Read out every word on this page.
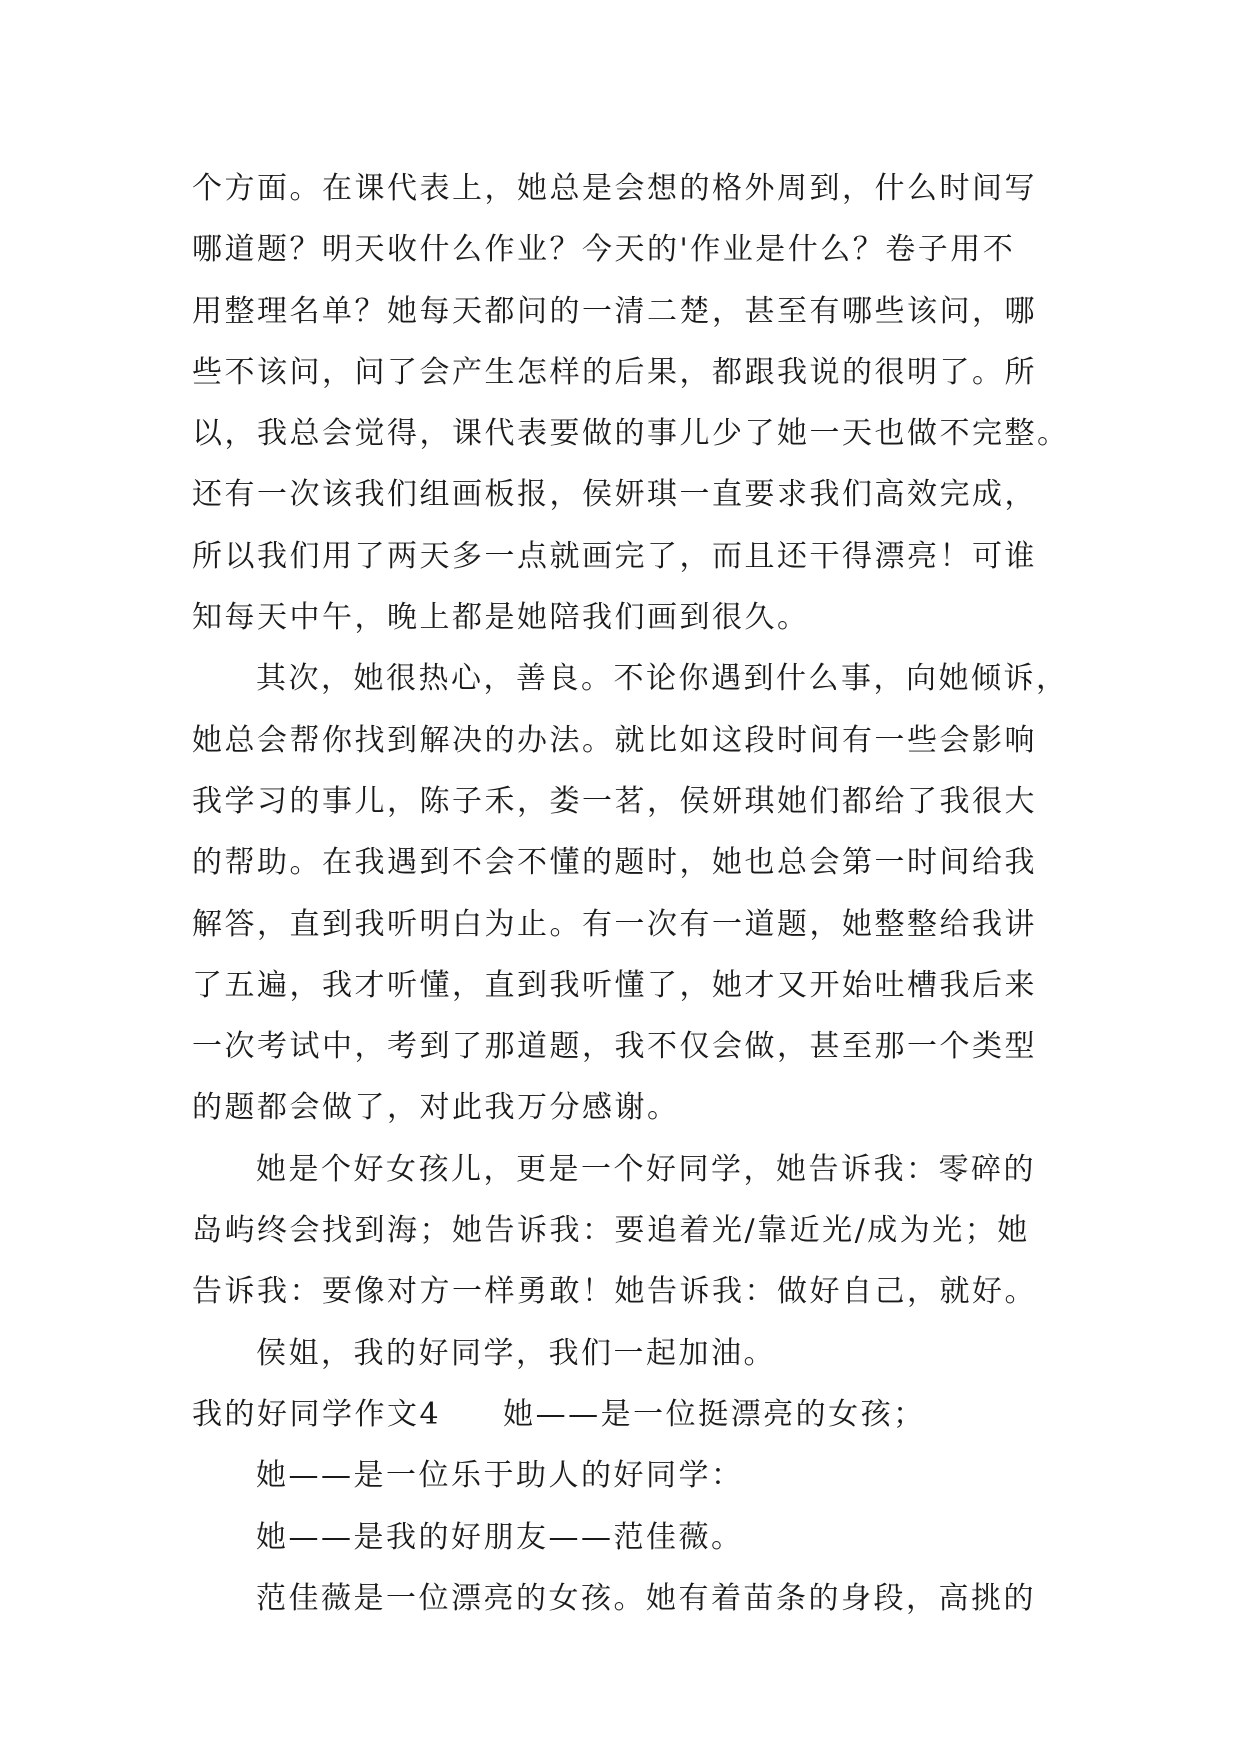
个方面。在课代表上，她总是会想的格外周到，什么时间写
哪道题？明天收什么作业？今天的'作业是什么？卷子用不
用整理名单？她每天都问的一清二楚，甚至有哪些该问，哪
些不该问，问了会产生怎样的后果，都跟我说的很明了。所
以，我总会觉得，课代表要做的事儿少了她一天也做不完整。
还有一次该我们组画板报，侯妍琪一直要求我们高效完成，
所以我们用了两天多一点就画完了，而且还干得漂亮！可谁
知每天中午，晚上都是她陪我们画到很久。
其次，她很热心，善良。不论你遇到什么事，向她倾诉，
她总会帮你找到解决的办法。就比如这段时间有一些会影响
我学习的事儿，陈子禾，娄一茗，侯妍琪她们都给了我很大
的帮助。在我遇到不会不懂的题时，她也总会第一时间给我
解答，直到我听明白为止。有一次有一道题，她整整给我讲
了五遍，我才听懂，直到我听懂了，她才又开始吐槽我后来
一次考试中，考到了那道题，我不仅会做，甚至那一个类型
的题都会做了，对此我万分感谢。
她是个好女孩儿，更是一个好同学，她告诉我：零碎的
岛屿终会找到海；她告诉我：要追着光/靠近光/成为光；她
告诉我：要像对方一样勇敢！她告诉我：做好自己，就好。
侯姐，我的好同学，我们一起加油。
我的好同学作文4 她——是一位挺漂亮的女孩；
她——是一位乐于助人的好同学：
她——是我的好朋友——范佳薇。
范佳薇是一位漂亮的女孩。她有着苗条的身段，高挑的
